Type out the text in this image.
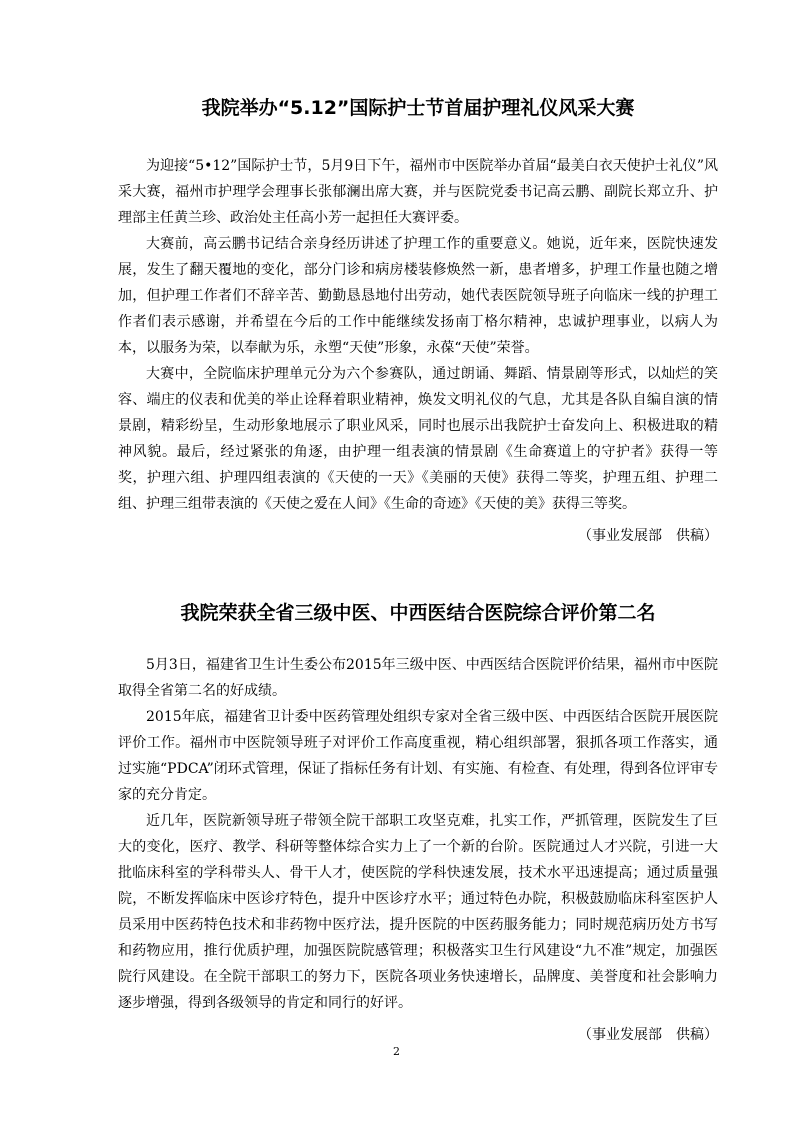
我院举办“5.12”国际护士节首届护理礼仪风采大赛

为迎接“5•12”国际护士节，5月9日下午，福州市中医院举办首届“最美白衣天使护士礼仪”风采大赛，福州市护理学会理事长张郁澜出席大赛，并与医院党委书记高云鹏、副院长郑立升、护理部主任黄兰珍、政治处主任高小芳一起担任大赛评委。

大赛前，高云鹏书记结合亲身经历讲述了护理工作的重要意义。她说，近年来，医院快速发展，发生了翻天覆地的变化，部分门诊和病房楼装修焕然一新，患者增多，护理工作量也随之增加，但护理工作者们不辞辛苦、勤勤恳恳地付出劳动，她代表医院领导班子向临床一线的护理工作者们表示感谢，并希望在今后的工作中能继续发扬南丁格尔精神，忠诚护理事业，以病人为本，以服务为荣，以奉献为乐，永塑“天使”形象，永葆“天使”荣誉。

大赛中，全院临床护理单元分为六个参赛队，通过朗诵、舞蹈、情景剧等形式，以灿烂的笑容、端庄的仪表和优美的举止诠释着职业精神，焕发文明礼仪的气息，尤其是各队自编自演的情景剧，精彩纷呈，生动形象地展示了职业风采，同时也展示出我院护士奋发向上、积极进取的精神风貌。最后，经过紧张的角逐，由护理一组表演的情景剧《生命赛道上的守护者》获得一等奖，护理六组、护理四组表演的《天使的一天》《美丽的天使》获得二等奖，护理五组、护理二组、护理三组带表演的《天使之爱在人间》《生命的奇迹》《天使的美》获得三等奖。

（事业发展部　供稿）

我院荣获全省三级中医、中西医结合医院综合评价第二名

5月3日，福建省卫生计生委公布2015年三级中医、中西医结合医院评价结果，福州市中医院取得全省第二名的好成绩。

2015年底，福建省卫计委中医药管理处组织专家对全省三级中医、中西医结合医院开展医院评价工作。福州市中医院领导班子对评价工作高度重视，精心组织部署，狠抓各项工作落实，通过实施“PDCA”闭环式管理，保证了指标任务有计划、有实施、有检查、有处理，得到各位评审专家的充分肯定。

近几年，医院新领导班子带领全院干部职工攻坚克难，扎实工作，严抓管理，医院发生了巨大的变化，医疗、教学、科研等整体综合实力上了一个新的台阶。医院通过人才兴院，引进一大批临床科室的学科带头人、骨干人才，使医院的学科快速发展，技术水平迅速提高；通过质量强院，不断发挥临床中医诊疗特色，提升中医诊疗水平；通过特色办院，积极鼓励临床科室医护人员采用中医药特色技术和非药物中医疗法，提升医院的中医药服务能力；同时规范病历处方书写和药物应用，推行优质护理，加强医院院感管理；积极落实卫生行风建设“九不准”规定，加强医院行风建设。在全院干部职工的努力下，医院各项业务快速增长，品牌度、美誉度和社会影响力逐步增强，得到各级领导的肯定和同行的好评。

（事业发展部　供稿）

2
